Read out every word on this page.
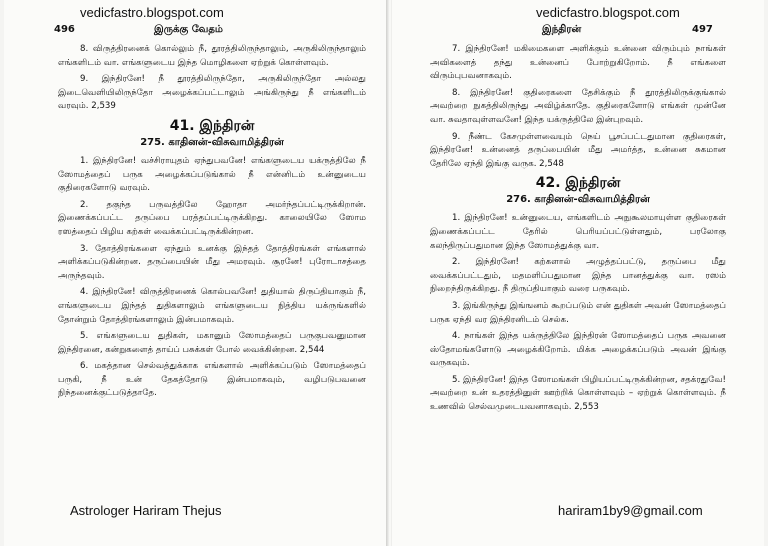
496	இருக்கு வேதம்

8. விருத்திரனைக் கொல்லும் நீ, தூரத்திலிருந்தாலும், அருகிலிருந்தாலும் எங்களிடம் வா. எங்களுடைய இந்த மொழிகளை ஏற்றுக் கொள்ளவும்.

9. இந்திரனே! நீ தூரத்திலிருந்தோ, அருகிலிருந்தோ அல்லது இடைவெளியிலிருந்தோ அழைக்கப்பட்டாலும் அங்கிருந்து நீ எங்களிடம் வரவும். 2,539

41. இந்திரன்
275. காதினன்-விசுவாமித்திரன்

1. இந்திரனே! வச்சிராயுதம் ஏந்துபவனே! எங்களுடைய யக்ருத்திலே நீ ஸோமத்தைப் பருக அழைக்கப்படுங்கால் நீ என்னிடம் உன்னுடைய குதிரைகளோடு வரவும்.

2. தகுந்த பருவத்திலே ஹோதா அமர்ந்தப்பட்டிருக்கிறான். இணைக்கப்பட்ட தருப்பை பரத்தப்பட்டிருக்கிறது. காலையிலே ஸோம ரஸத்தைப் பிழிய கற்கள் வைக்கப்பட்டிருக்கின்றன.

3. தோத்திரங்களை ஏந்தும் உனக்கு இந்தத் தோத்திரங்கள் எங்களால் அளிக்கப்படுகின்றன. தருப்பையின் மீது அமரவும். சூரனே! புரோடாசத்தை அருந்தவும்.

4. இந்திரனே! விருத்திரனைக் கொல்பவனே! துதியால் திருப்தியாகும் நீ, எங்களுடைய இந்தத் துதிகளாலும் எங்களுடைய நித்திய யக்ருங்களில் தோன்றும் தோத்திரங்களாலும் இன்பமாகவும்.

5. எங்களுடைய துதிகள், மகானும் ஸோமத்தைப் பருகுபவனுமான இந்திரனை, கன்றுகளைத் தாய்ப் பசுக்கள் போல் வைக்கின்றன. 2,544

6. மகத்தான செல்வத்துக்காக எங்களால் அளிக்கப்படும் ஸோமத்தைப் பருகி, நீ உன் தேகத்தோடு இன்பமாகவும், வழிபடுபவனை நிந்தனைக்குட்படுத்தாதே.

Astrologer Hariram Thejus
இந்திரன்	497

7. இந்திரனே! மகிமைகளை அளிக்கும் உன்னை விரும்பும் நாங்கள் அவிகளைத் தந்து உன்னைப் போற்றுகிறோம். நீ எங்களை விரும்புபவனாகவும்.

8. இந்திரனே! குதிரைகளை தேசிக்கும் நீ தூரத்திலிருக்குங்கால் அவற்றை நுகத்திலிருந்து அவிழ்க்காதே. குதிரைகளோடு எங்கள் முன்னே வா. சுவதாவுள்ளவனே! இந்த யக்ருத்திலே இன்புறவும்.

9. நீண்ட கேசமுள்ளவையும் நெய் பூசப்பட்டதுமான குதிரைகள், இந்திரனே! உன்னைத் தருப்பையின் மீது அமர்த்த, உன்னை சுகமான தேரிலே ஏந்தி இங்கு வருக. 2,548

42. இந்திரன்
276. காதினன்-விசுவாமித்திரன்

1. இந்திரனே! உன்னுடைய, எங்களிடம் அநுகூலமாயுள்ள குதிரைகள் இணைக்கப்பட்ட தேரில் பெரியப்பட்டுள்ளதும், பரலோகு கலந்திருப்பதுமான இந்த ஸோமத்துக்கு வா.

2. இந்திரனே! கற்களால் அழுத்தப்பட்டு, தருப்பை மீது வைக்கப்பட்டதும், மதமளிப்பதுமான இந்த பானத்துக்கு வா. ரஸம் நிறைந்திருக்கிறது. நீ திருப்தியாகும் வரை பருகவும்.

3. இங்கிருந்து இங்ஙனம் கூறப்படும் என் துதிகள் அவன் ஸோமத்தைப் பருக ஏந்தி வர இந்திரனிடம் செல்க.

4. நாங்கள் இந்த யக்ருத்திலே இந்திரன் ஸோமத்தைப் பருக அவனை ஸ்தோமங்களோடு அழைக்கிறோம். மிக்க அழைக்கப்படும் அவன் இங்கு வருகவும்.

5. இந்திரனே! இந்த ஸோமங்கள் பிழியப்பட்டிருக்கின்றன, சதக்ரதுவே! அவற்றை உன் உதரத்தினுள் ஊற்றிக் கொள்ளவும் – ஏற்றுக் கொள்ளவும். நீ உணவில் செல்வமுடையவனாகவும். 2,553

hariram1by9@gmail.com
vedicfastro.blogspot.com	vedicfastro.blogspot.com
